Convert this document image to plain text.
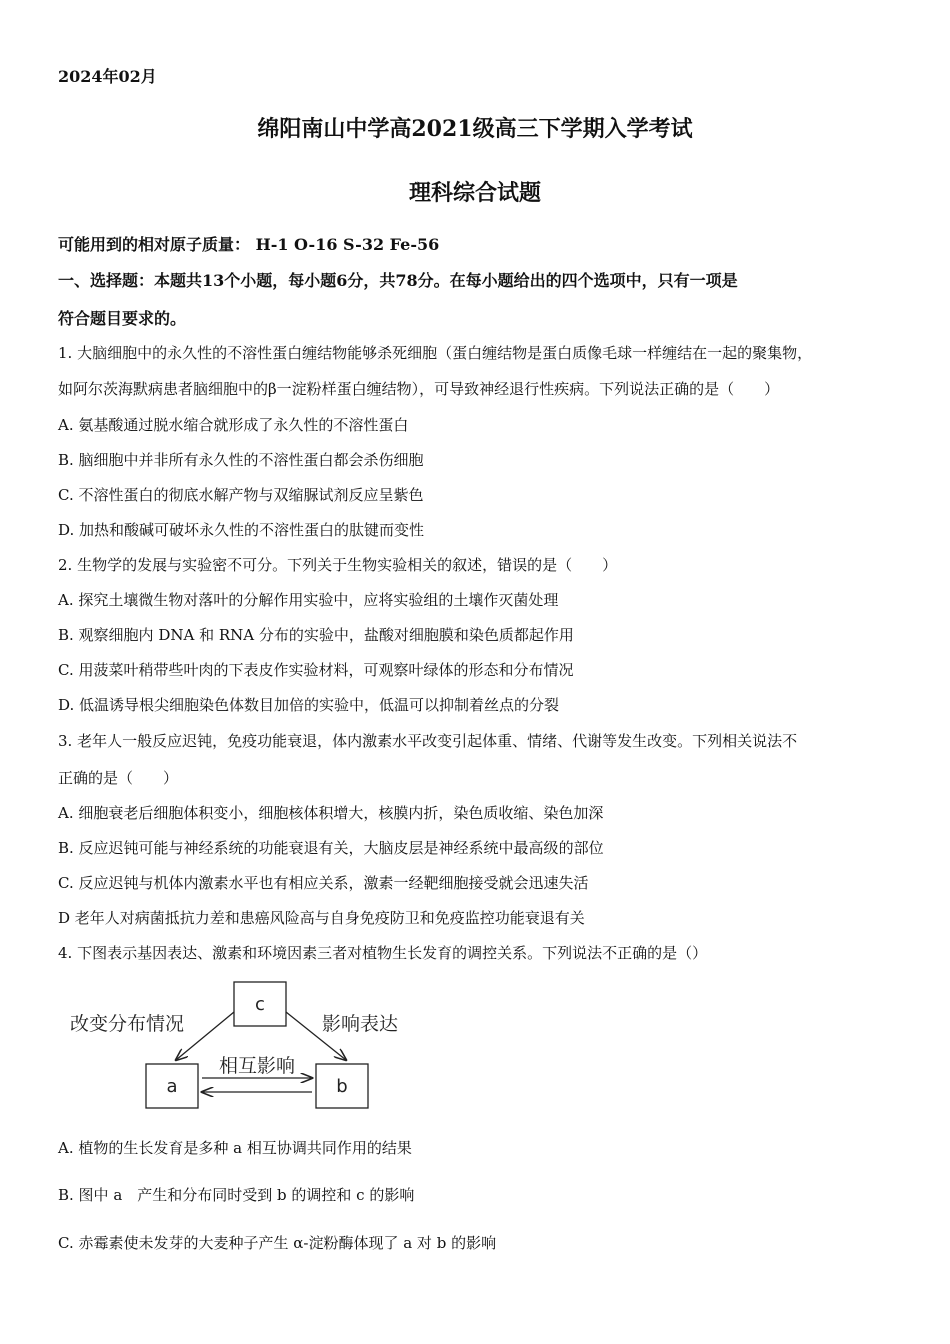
2024年02月
绵阳南山中学高2021级高三下学期入学考试
理科综合试题
可能用到的相对原子质量： H-1 O-16 S-32 Fe-56
一、选择题：本题共13个小题，每小题6分，共78分。在每小题给出的四个选项中，只有一项是
符合题目要求的。
1. 大脑细胞中的永久性的不溶性蛋白缠结物能够杀死细胞（蛋白缠结物是蛋白质像毛球一样缠结在一起的聚集物，
如阿尔茨海默病患者脑细胞中的β一淀粉样蛋白缠结物），可导致神经退行性疾病。下列说法正确的是（　　）
A. 氨基酸通过脱水缩合就形成了永久性的不溶性蛋白
B. 脑细胞中并非所有永久性的不溶性蛋白都会杀伤细胞
C. 不溶性蛋白的彻底水解产物与双缩脲试剂反应呈紫色
D. 加热和酸碱可破坏永久性的不溶性蛋白的肽键而变性
2. 生物学的发展与实验密不可分。下列关于生物实验相关的叙述，错误的是（　　）
A. 探究土壤微生物对落叶的分解作用实验中，应将实验组的土壤作灭菌处理
B. 观察细胞内 DNA 和 RNA 分布的实验中，盐酸对细胞膜和染色质都起作用
C. 用菠菜叶稍带些叶肉的下表皮作实验材料，可观察叶绿体的形态和分布情况
D. 低温诱导根尖细胞染色体数目加倍的实验中，低温可以抑制着丝点的分裂
3. 老年人一般反应迟钝，免疫功能衰退，体内激素水平改变引起体重、情绪、代谢等发生改变。下列相关说法不
正确的是（　　）
A. 细胞衰老后细胞体积变小，细胞核体积增大，核膜内折，染色质收缩、染色加深
B. 反应迟钝可能与神经系统的功能衰退有关，大脑皮层是神经系统中最高级的部位
C. 反应迟钝与机体内激素水平也有相应关系，激素一经靶细胞接受就会迅速失活
D 老年人对病菌抵抗力差和患癌风险高与自身免疫防卫和免疫监控功能衰退有关
4. 下图表示基因表达、激素和环境因素三者对植物生长发育的调控关系。下列说法不正确的是（）
c
a	b
改变分布情况	影响表达
相互影响
A. 植物的生长发育是多种 a 相互协调共同作用的结果
B. 图中 a　产生和分布同时受到 b 的调控和 c 的影响
C. 赤霉素使未发芽的大麦种子产生 α-淀粉酶体现了 a 对 b 的影响
